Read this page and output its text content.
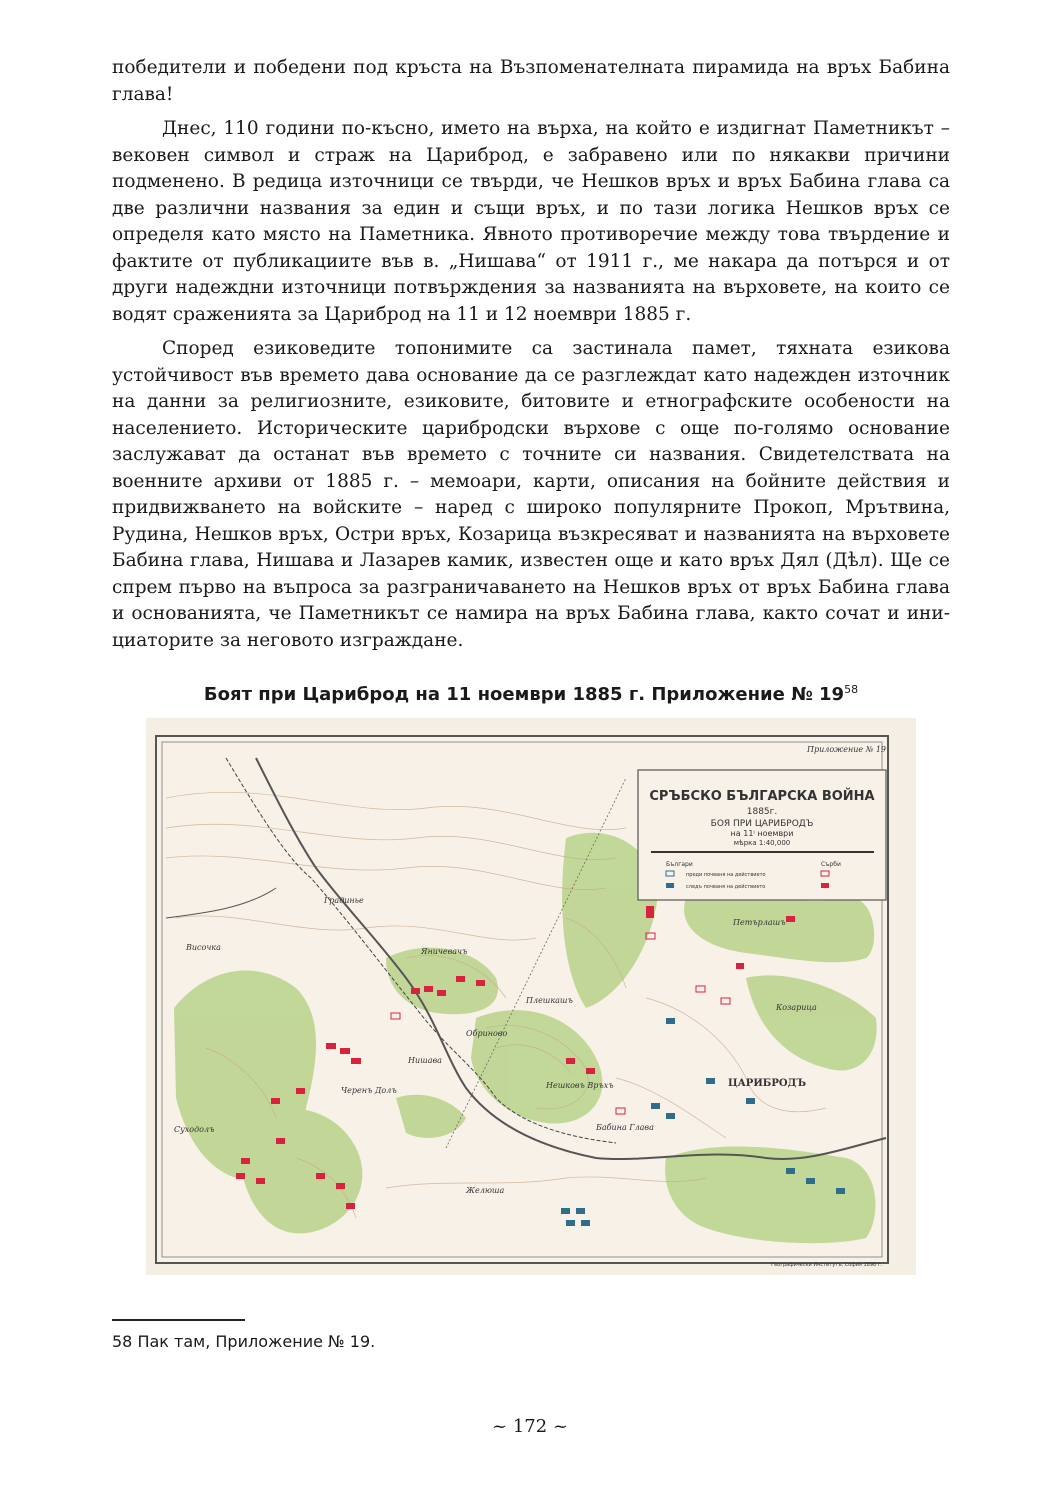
победители и победени под кръста на Възпоменателната пирамида на връх Бабина глава!

Днес, 110 години по-късно, името на върха, на който е издигнат Паметникът –вековен символ и страж на Цариброд, е забравено или по някакви причини подменено. В редица източници се твърди, че Нешков връх и връх Бабина глава са две различни названия за един и същи връх, и по тази логика Нешков връх се определя като място на Паметника. Явното противоречие между това твърдение и фактите от публикациите във в. „Нишава“ от 1911 г., ме накара да потърся и от други надеждни източници потвърждения за названията на върховете, на които се водят сраженията за Цариброд на 11 и 12 ноември 1885 г.

Според езиковедите топонимите са застинала памет, тяхната езикова устойчивост във времето дава основание да се разглеждат като надежден източник на данни за религиозните, езиковите, битовите и етнографските особености на населението. Историческите царибродски върхове с още по-голямо основание заслужават да останат във времето с точните си названия. Свидетелствата на военните архиви от 1885 г. – мемоари, карти, описания на бойните действия и придвижването на войските – наред с широко популярните Прокоп, Мрътвина, Рудина, Нешков връх, Остри връх, Козарица възкресяват и названията на върховете Бабина глава, Нишава и Лазарев камик, известен още и като връх Дял (Дѣл). Ще се спрем първо на въпроса за разграничаването на Нешков връх от връх Бабина глава и основанията, че Паметникът се намира на връх Бабина глава, както сочат и инициаторите за неговото изграждане.

Боят при Цариброд на 11 ноември 1885 г. Приложение № $19^{58}$
СРЪБСКО БЪЛГАРСКА ВОЙНА
1885г.
БОЯ ПРИ ЦАРИБРОДЪ
на 11ⁱ ноември
мѣрка 1:40,000
Българи	Сърби
преди почваня на действието
следъ почваня на действието
Приложение № 19
ЦАРИБРОДЪ
Градинье
Петърлашъ
Нишава
Черенъ Долъ
Желюша
Нешковъ Връхъ
Бабина Глава
Обриново
Плешкашъ
Яничевачъ
Височка
Козарица
Суходолъ
Географически Институтъ, София 1898 г.
58 Пак там, Приложение № 19.
~ 172 ~
